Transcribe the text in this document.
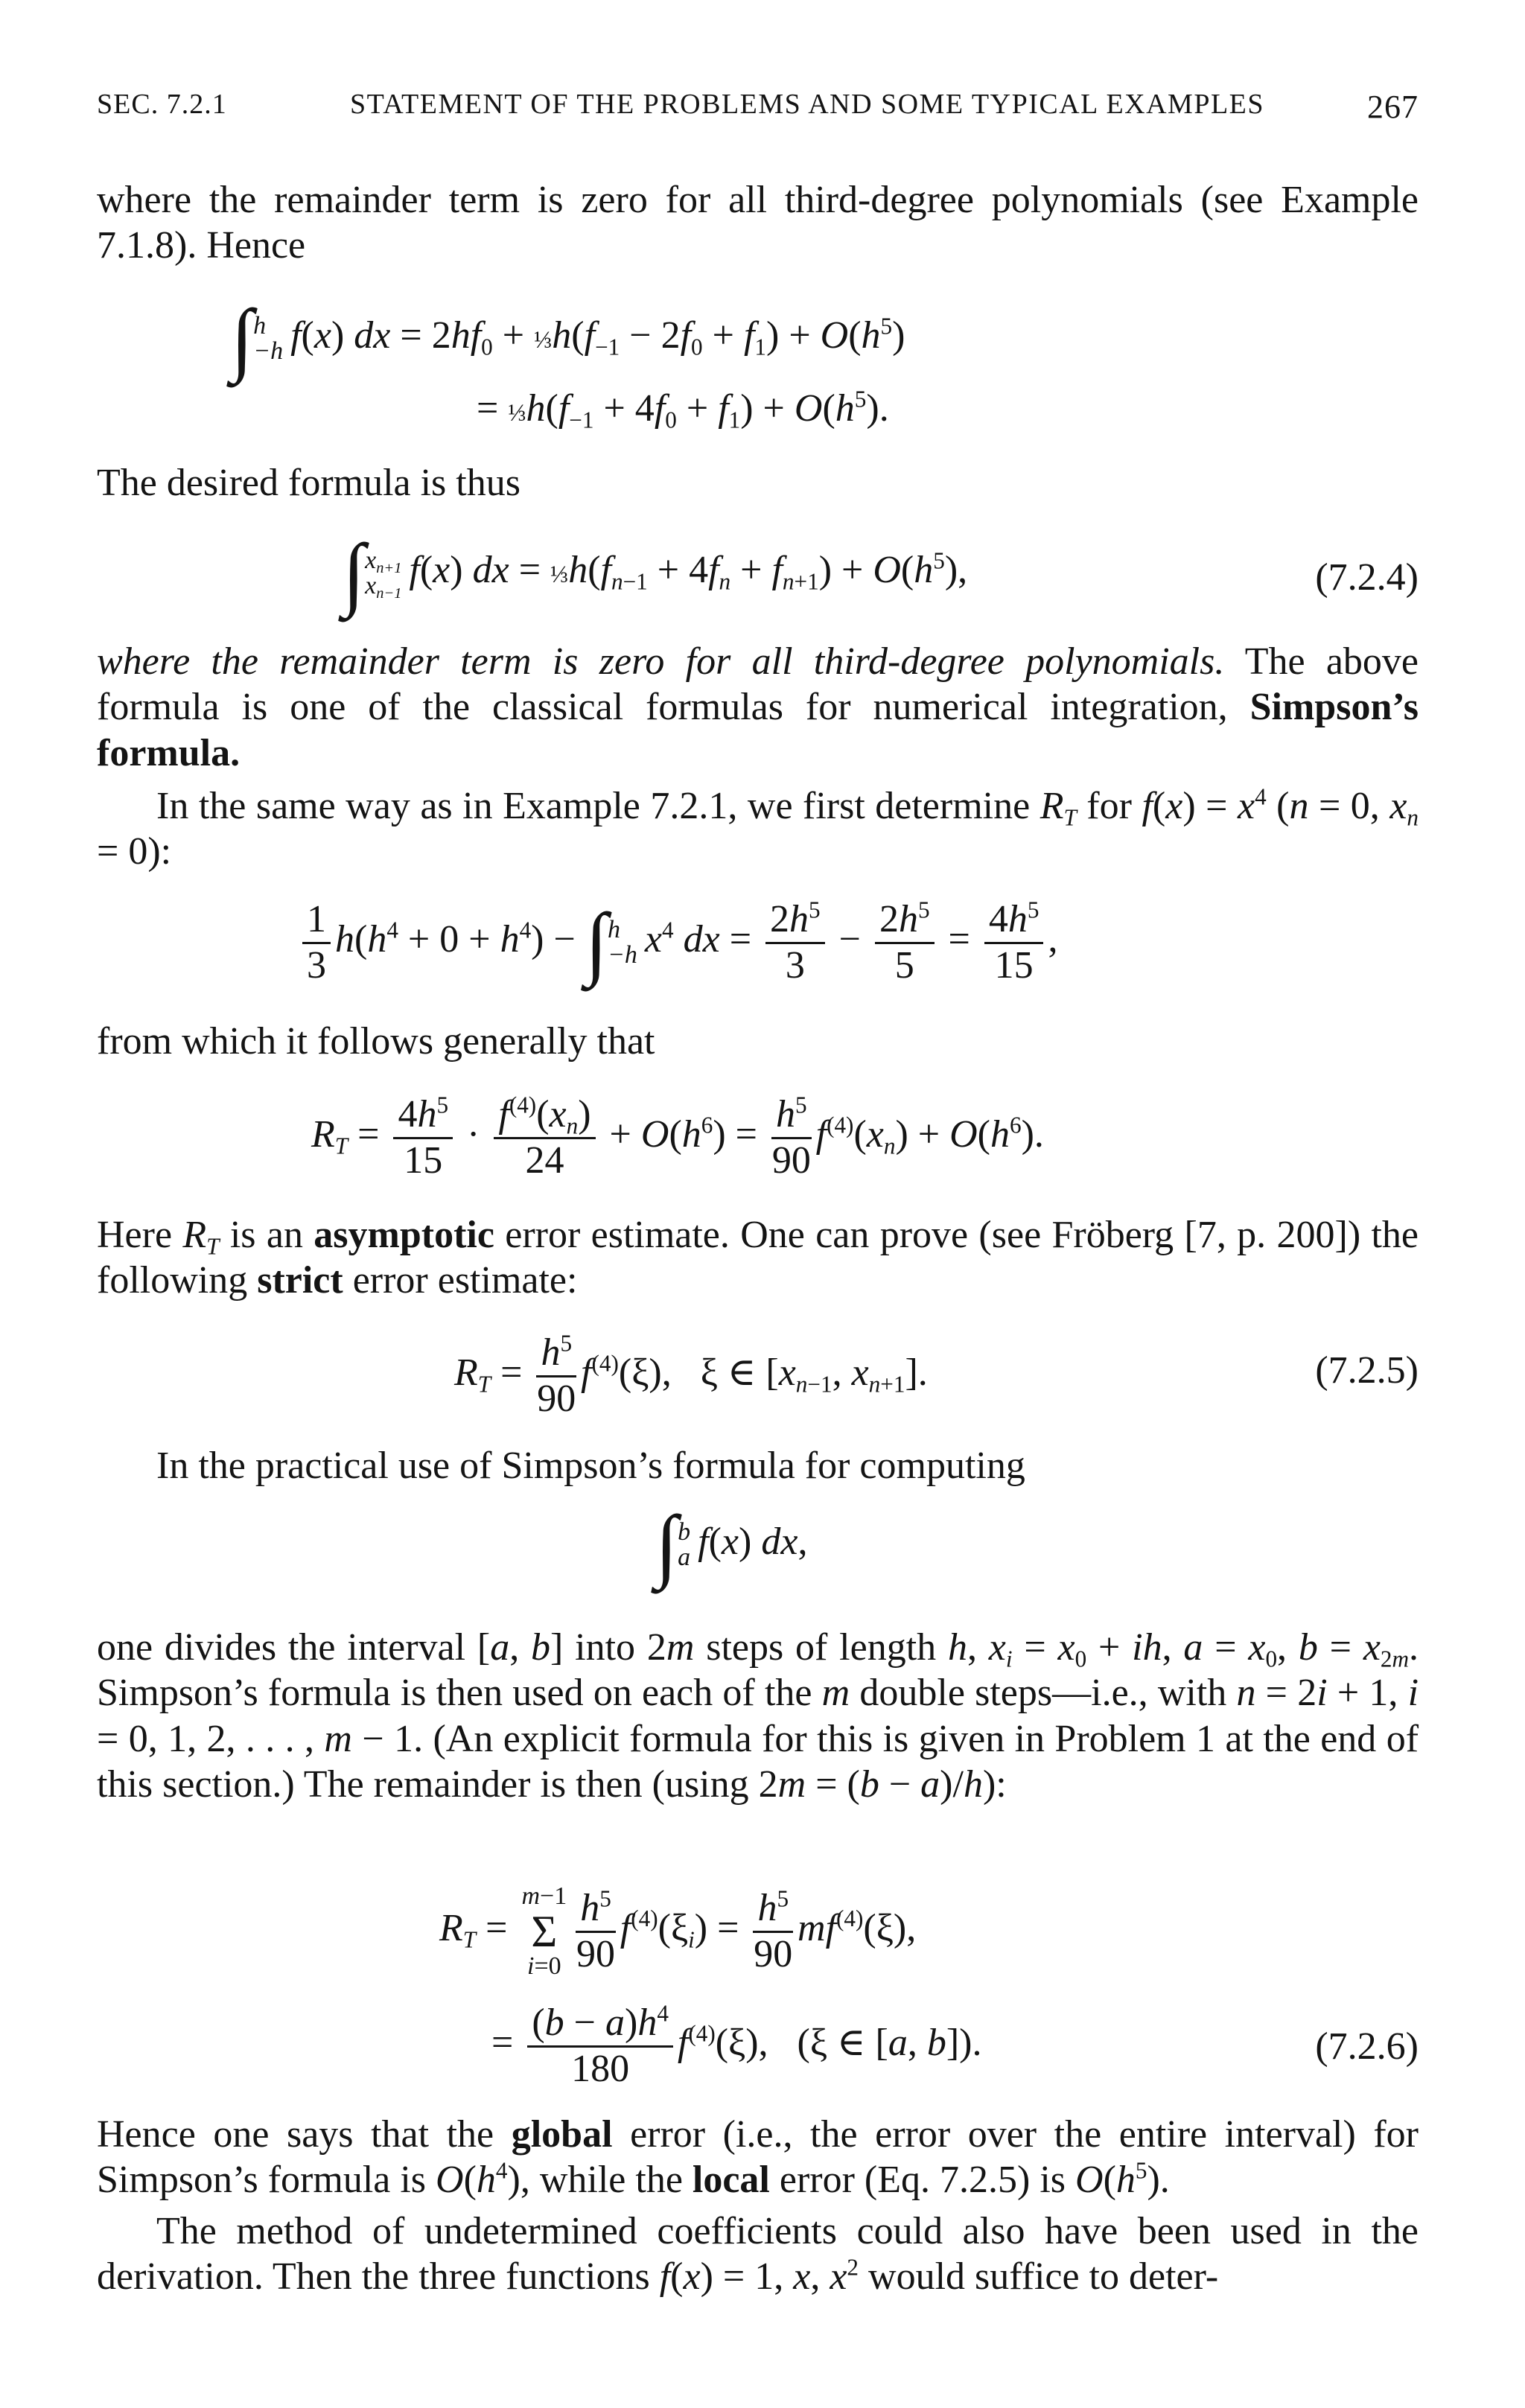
SEC. 7.2.1	STATEMENT OF THE PROBLEMS AND SOME TYPICAL EXAMPLES	267
where the remainder term is zero for all third-degree polynomials (see Example 7.1.8). Hence
∫ h
−h f(x) dx = $2hf_0$ + $\frac{1}{3}h(f_{-1} - 2f_0 + f_1) + O(h^5)$
= $\frac{1}{3}h(f_{-1} + 4f_0 + f_1) + O(h^5)$.
The desired formula is thus
∫ $x_{n+1}$
$x_{n-1}$
f(x) dx = $\frac{1}{3}h(f_{n-1} + 4f_n + f_{n+1}) + O(h^5)$,	(7.2.4)
where the remainder term is zero for all third-degree polynomials. The above formula is one of the classical formulas for numerical integration, Simpson’s formula.
In the same way as in Example 7.2.1, we first determine $R_T$ for $f(x) = x^4$ (n = 0, $x_n = 0$):
$\frac{1}{3} h(h^4 + 0 + h^4)$ − ∫ h
−h $x^4$ dx = $\frac{2h^5}{3} - \frac{2h^5}{5} = \frac{4h^5}{15}$ ,
from which it follows generally that
$R_T = \frac{4h^5}{15} \cdot \frac{f^{(4)}(x_n)}{24} + O(h^6) = \frac{h^5}{90} f^{(4)}(x_n) + O(h^6)$.
Here $R_T$ is an asymptotic error estimate. One can prove (see Fröberg [7, p. 200]) the following strict error estimate:
$R_T = \frac{h^5}{90} f^{(4)}(\xi)$,   ξ ∈ [$x_{n-1}$, $x_{n+1}$].	(7.2.5)
In the practical use of Simpson’s formula for computing
∫ b
a f(x) dx,
one divides the interval [a, b] into 2m steps of length h, $x_i = x_0$ + ih, $a = x_0$, $b = x_{2m}$. Simpson’s formula is then used on each of the m double steps—i.e., with n = 2i + 1, i = 0, 1, 2, . . . , m − 1. (An explicit formula for this is given in Problem 1 at the end of this section.) The remainder is then (using 2m = (b − a)/h):
$R_T = m-1$
Σ
$i=0 \frac{h^5}{90} f^{(4)}(\xi_i) = \frac{h^5}{90} mf^{(4)}(\xi)$,
= $\frac{(b - a)h^4}{180} f^{(4)}(\xi)$,   (ξ ∈ [a, b]).	(7.2.6)
Hence one says that the global error (i.e., the error over the entire interval) for Simpson’s formula is $O(h^4)$, while the local error (Eq. 7.2.5) is $O(h^5)$.
The method of undetermined coefficients could also have been used in the derivation. Then the three functions f(x) = 1, x, $x^2$ would suffice to deter-
